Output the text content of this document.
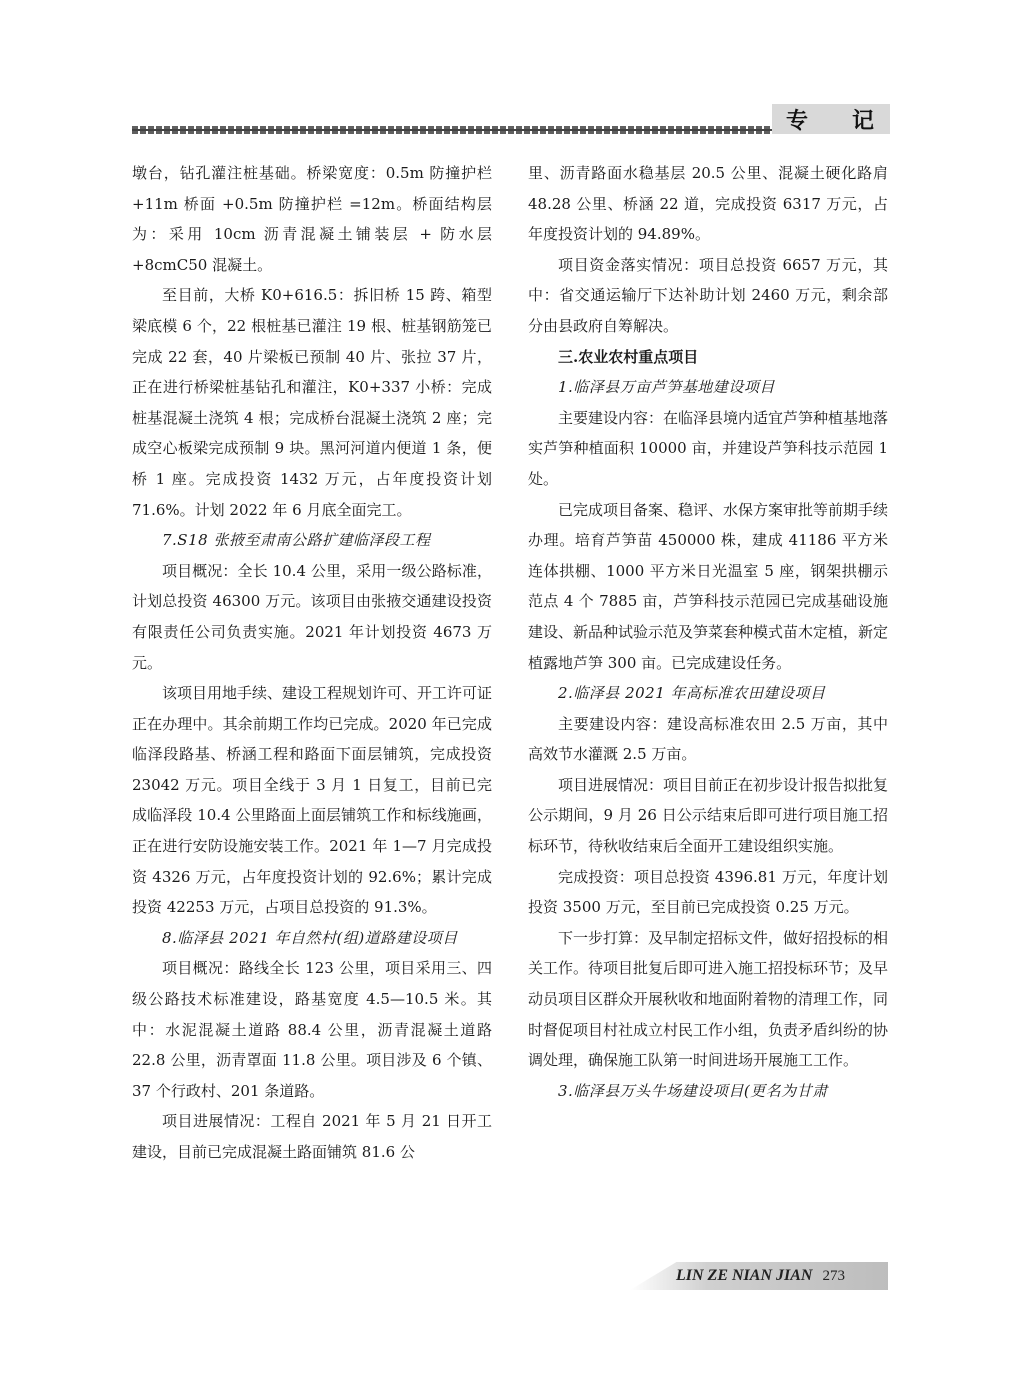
专 记

墩台，钻孔灌注桩基础。桥梁宽度：0.5m 防撞护栏 +11m 桥面 +0.5m 防撞护栏 =12m。桥面结构层为：采用 10cm 沥青混凝土铺装层 + 防水层 +8cmC50 混凝土。

至目前，大桥 K0+616.5：拆旧桥 15 跨、箱型梁底模 6 个，22 根桩基已灌注 19 根、桩基钢筋笼已完成 22 套，40 片梁板已预制 40 片、张拉 37 片，正在进行桥梁桩基钻孔和灌注，K0+337 小桥：完成桩基混凝土浇筑 4 根；完成桥台混凝土浇筑 2 座；完成空心板梁完成预制 9 块。黑河河道内便道 1 条，便桥 1 座。完成投资 1432 万元，占年度投资计划 71.6%。计划 2022 年 6 月底全面完工。

7.S18 张掖至肃南公路扩建临泽段工程

项目概况：全长 10.4 公里，采用一级公路标准，计划总投资 46300 万元。该项目由张掖交通建设投资有限责任公司负责实施。2021 年计划投资 4673 万元。

该项目用地手续、建设工程规划许可、开工许可证正在办理中。其余前期工作均已完成。2020 年已完成临泽段路基、桥涵工程和路面下面层铺筑，完成投资 23042 万元。项目全线于 3 月 1 日复工，目前已完成临泽段 10.4 公里路面上面层铺筑工作和标线施画，正在进行安防设施安装工作。2021 年 1—7 月完成投资 4326 万元，占年度投资计划的 92.6%；累计完成投资 42253 万元，占项目总投资的 91.3%。

8.临泽县 2021 年自然村(组)道路建设项目

项目概况：路线全长 123 公里，项目采用三、四级公路技术标准建设，路基宽度 4.5—10.5 米。其中：水泥混凝土道路 88.4 公里，沥青混凝土道路 22.8 公里，沥青罩面 11.8 公里。项目涉及 6 个镇、37 个行政村、201 条道路。

项目进展情况：工程自 2021 年 5 月 21 日开工建设，目前已完成混凝土路面铺筑 81.6 公

里、沥青路面水稳基层 20.5 公里、混凝土硬化路肩 48.28 公里、桥涵 22 道，完成投资 6317 万元，占年度投资计划的 94.89%。

项目资金落实情况：项目总投资 6657 万元，其中：省交通运输厅下达补助计划 2460 万元，剩余部分由县政府自筹解决。

三.农业农村重点项目

1.临泽县万亩芦笋基地建设项目

主要建设内容：在临泽县境内适宜芦笋种植基地落实芦笋种植面积 10000 亩，并建设芦笋科技示范园 1 处。

已完成项目备案、稳评、水保方案审批等前期手续办理。培育芦笋苗 450000 株，建成 41186 平方米连体拱棚、1000 平方米日光温室 5 座，钢架拱棚示范点 4 个 7885 亩，芦笋科技示范园已完成基础设施建设、新品种试验示范及笋菜套种模式苗木定植，新定植露地芦笋 300 亩。已完成建设任务。

2.临泽县 2021 年高标准农田建设项目

主要建设内容：建设高标准农田 2.5 万亩，其中高效节水灌溉 2.5 万亩。

项目进展情况：项目目前正在初步设计报告拟批复公示期间，9 月 26 日公示结束后即可进行项目施工招标环节，待秋收结束后全面开工建设组织实施。

完成投资：项目总投资 4396.81 万元，年度计划投资 3500 万元，至目前已完成投资 0.25 万元。

下一步打算：及早制定招标文件，做好招投标的相关工作。待项目批复后即可进入施工招投标环节；及早动员项目区群众开展秋收和地面附着物的清理工作，同时督促项目村社成立村民工作小组，负责矛盾纠纷的协调处理，确保施工队第一时间进场开展施工工作。

3.临泽县万头牛场建设项目(更名为甘肃

LIN ZE NIAN JIAN 273
